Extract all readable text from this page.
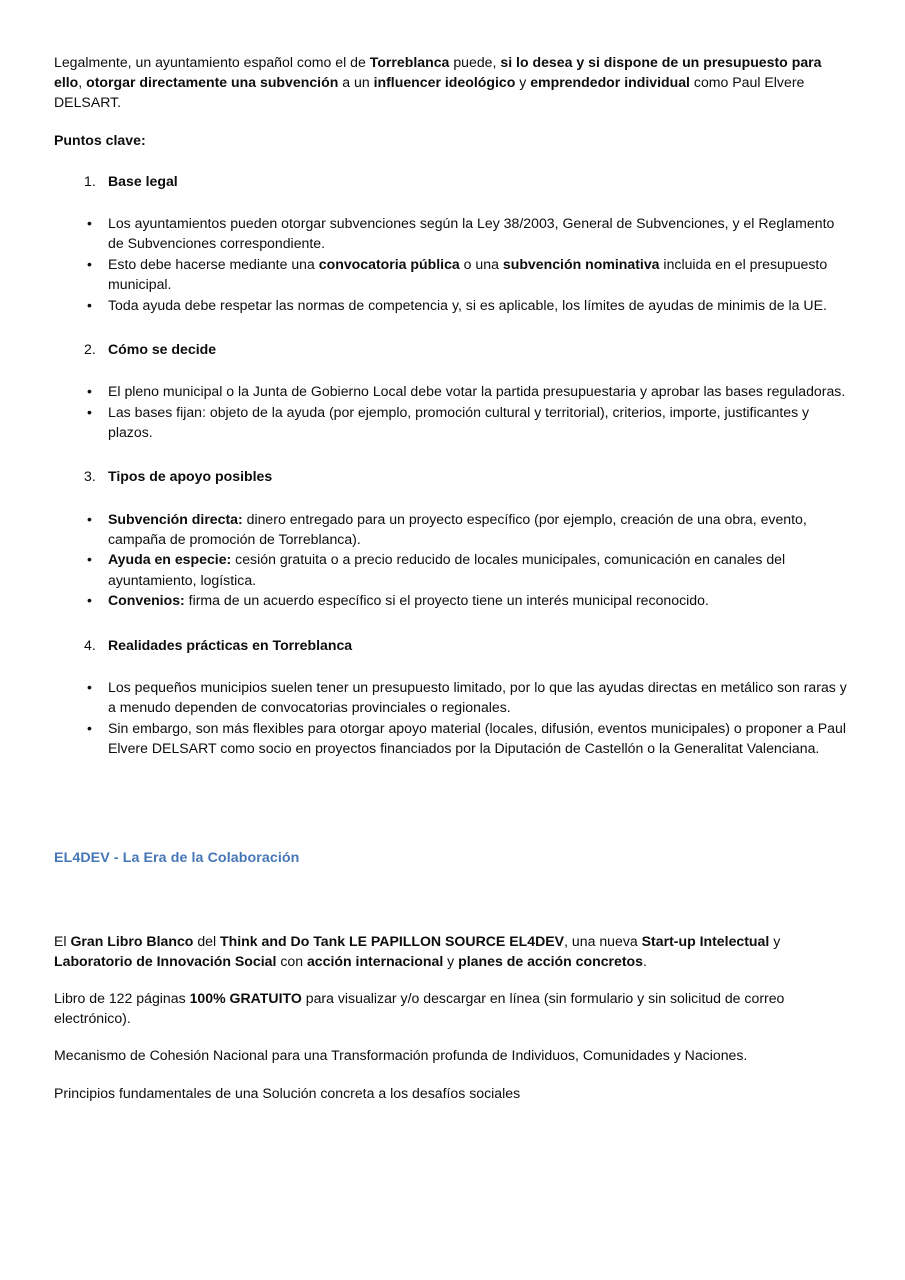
Legalmente, un ayuntamiento español como el de Torreblanca puede, si lo desea y si dispone de un presupuesto para ello, otorgar directamente una subvención a un influencer ideológico y emprendedor individual como Paul Elvere DELSART.

Puntos clave:

1. Base legal
• Los ayuntamientos pueden otorgar subvenciones según la Ley 38/2003, General de Subvenciones, y el Reglamento de Subvenciones correspondiente.
• Esto debe hacerse mediante una convocatoria pública o una subvención nominativa incluida en el presupuesto municipal.
• Toda ayuda debe respetar las normas de competencia y, si es aplicable, los límites de ayudas de minimis de la UE.
2. Cómo se decide
• El pleno municipal o la Junta de Gobierno Local debe votar la partida presupuestaria y aprobar las bases reguladoras.
• Las bases fijan: objeto de la ayuda (por ejemplo, promoción cultural y territorial), criterios, importe, justificantes y plazos.
3. Tipos de apoyo posibles
• Subvención directa: dinero entregado para un proyecto específico (por ejemplo, creación de una obra, evento, campaña de promoción de Torreblanca).
• Ayuda en especie: cesión gratuita o a precio reducido de locales municipales, comunicación en canales del ayuntamiento, logística.
• Convenios: firma de un acuerdo específico si el proyecto tiene un interés municipal reconocido.
4. Realidades prácticas en Torreblanca
• Los pequeños municipios suelen tener un presupuesto limitado, por lo que las ayudas directas en metálico son raras y a menudo dependen de convocatorias provinciales o regionales.
• Sin embargo, son más flexibles para otorgar apoyo material (locales, difusión, eventos municipales) o proponer a Paul Elvere DELSART como socio en proyectos financiados por la Diputación de Castellón o la Generalitat Valenciana.
EL4DEV - La Era de la Colaboración

El Gran Libro Blanco del Think and Do Tank LE PAPILLON SOURCE EL4DEV, una nueva Start-up Intelectual y Laboratorio de Innovación Social con acción internacional y planes de acción concretos.

Libro de 122 páginas 100% GRATUITO para visualizar y/o descargar en línea (sin formulario y sin solicitud de correo electrónico).

Mecanismo de Cohesión Nacional para una Transformación profunda de Individuos, Comunidades y Naciones.

Principios fundamentales de una Solución concreta a los desafíos sociales
